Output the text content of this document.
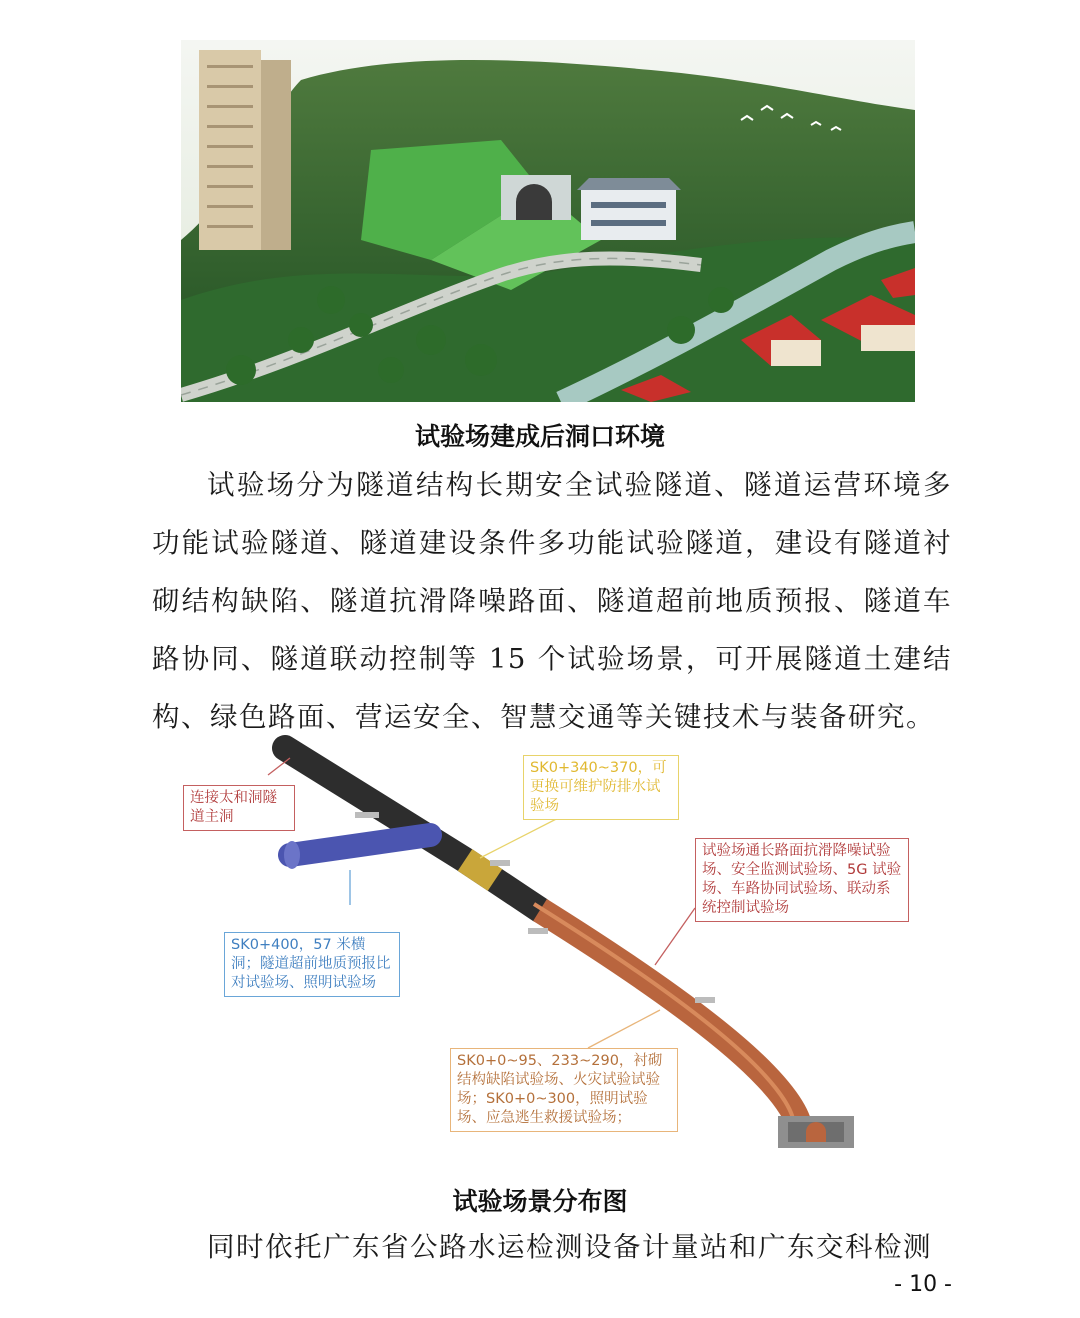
试验场建成后洞口环境

试验场分为隧道结构长期安全试验隧道、隧道运营环境多功能试验隧道、隧道建设条件多功能试验隧道，建设有隧道衬砌结构缺陷、隧道抗滑降噪路面、隧道超前地质预报、隧道车路协同、隧道联动控制等 15 个试验场景，可开展隧道土建结构、绿色路面、营运安全、智慧交通等关键技术与装备研究。

连接太和洞隧道主洞
SK0+340~370，可更换可维护防排水试验场
试验场通长路面抗滑降噪试验场、安全监测试验场、5G 试验场、车路协同试验场、联动系统控制试验场
SK0+400，57 米横洞；隧道超前地质预报比对试验场、照明试验场
SK0+0~95、233~290，衬砌结构缺陷试验场、火灾试验试验场；SK0+0~300，照明试验场、应急逃生救援试验场；
试验场景分布图

同时依托广东省公路水运检测设备计量站和广东交科检测

- 10 -
